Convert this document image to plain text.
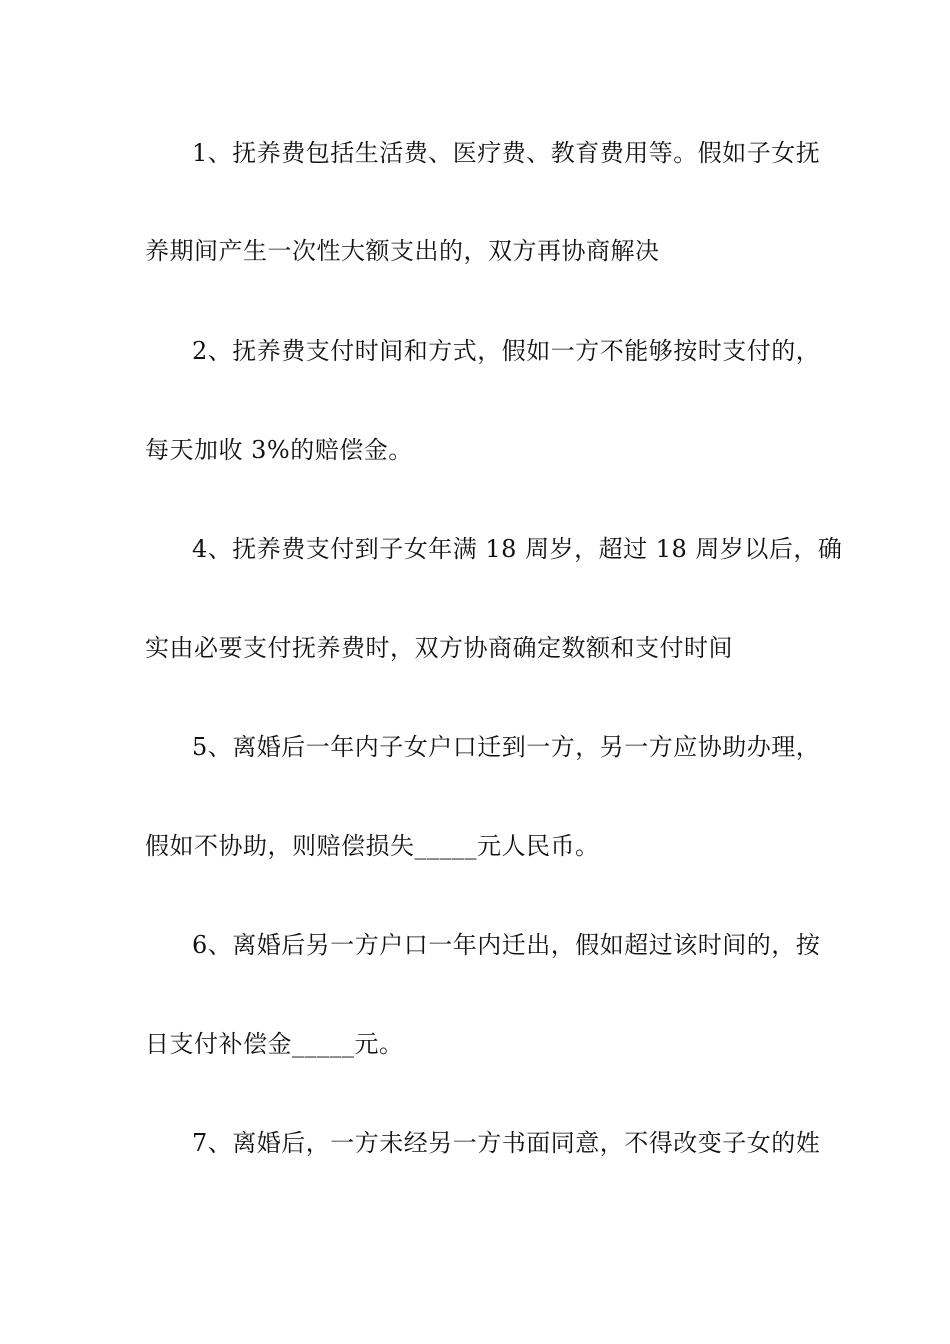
1、抚养费包括生活费、医疗费、教育费用等。假如子女抚
养期间产生一次性大额支出的，双方再协商解决
2、抚养费支付时间和方式，假如一方不能够按时支付的，
每天加收 3%的赔偿金。
4、抚养费支付到子女年满 18 周岁，超过 18 周岁以后，确
实由必要支付抚养费时，双方协商确定数额和支付时间
5、离婚后一年内子女户口迁到一方，另一方应协助办理，
假如不协助，则赔偿损失_____元人民币。
6、离婚后另一方户口一年内迁出，假如超过该时间的，按
日支付补偿金_____元。
7、离婚后，一方未经另一方书面同意，不得改变子女的姓
